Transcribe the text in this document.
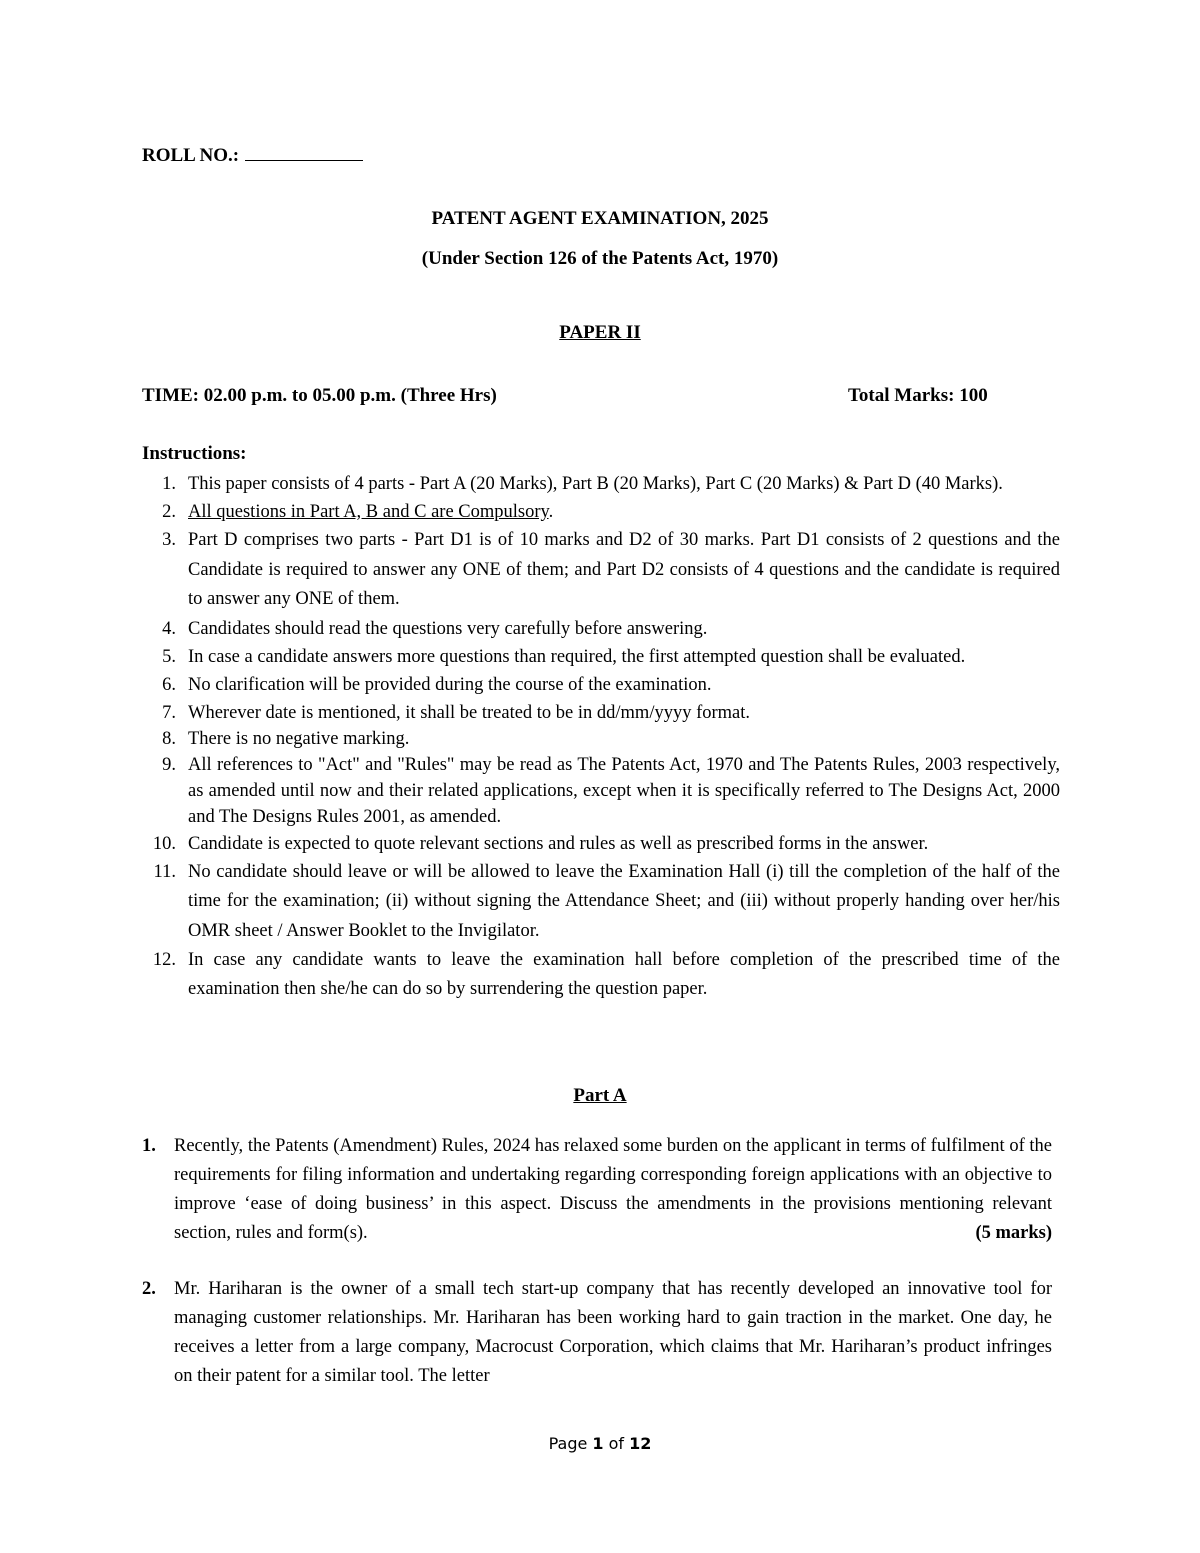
ROLL NO.:
PATENT AGENT EXAMINATION, 2025
(Under Section 126 of the Patents Act, 1970)
PAPER II
TIME: 02.00 p.m. to 05.00 p.m. (Three Hrs)	Total Marks: 100
Instructions:
1. This paper consists of 4 parts - Part A (20 Marks), Part B (20 Marks), Part C (20 Marks) & Part D (40 Marks).
2. All questions in Part A, B and C are Compulsory.
3. Part D comprises two parts - Part D1 is of 10 marks and D2 of 30 marks. Part D1 consists of 2 questions and the Candidate is required to answer any ONE of them; and Part D2 consists of 4 questions and the candidate is required to answer any ONE of them.
4. Candidates should read the questions very carefully before answering.
5. In case a candidate answers more questions than required, the first attempted question shall be evaluated.
6. No clarification will be provided during the course of the examination.
7. Wherever date is mentioned, it shall be treated to be in dd/mm/yyyy format.
8. There is no negative marking.
9. All references to "Act" and "Rules" may be read as The Patents Act, 1970 and The Patents Rules, 2003 respectively, as amended until now and their related applications, except when it is specifically referred to The Designs Act, 2000 and The Designs Rules 2001, as amended.
10. Candidate is expected to quote relevant sections and rules as well as prescribed forms in the answer.
11. No candidate should leave or will be allowed to leave the Examination Hall (i) till the completion of the half of the time for the examination; (ii) without signing the Attendance Sheet; and (iii) without properly handing over her/his OMR sheet / Answer Booklet to the Invigilator.
12. In case any candidate wants to leave the examination hall before completion of the prescribed time of the examination then she/he can do so by surrendering the question paper.
Part A
1. Recently, the Patents (Amendment) Rules, 2024 has relaxed some burden on the applicant in terms of fulfilment of the requirements for filing information and undertaking regarding corresponding foreign applications with an objective to improve ‘ease of doing business’ in this aspect. Discuss the amendments in the provisions mentioning relevant section, rules and form(s).	(5 marks)
2. Mr. Hariharan is the owner of a small tech start-up company that has recently developed an innovative tool for managing customer relationships. Mr. Hariharan has been working hard to gain traction in the market. One day, he receives a letter from a large company, Macrocust Corporation, which claims that Mr. Hariharan’s product infringes on their patent for a similar tool. The letter
Page 1 of 12
